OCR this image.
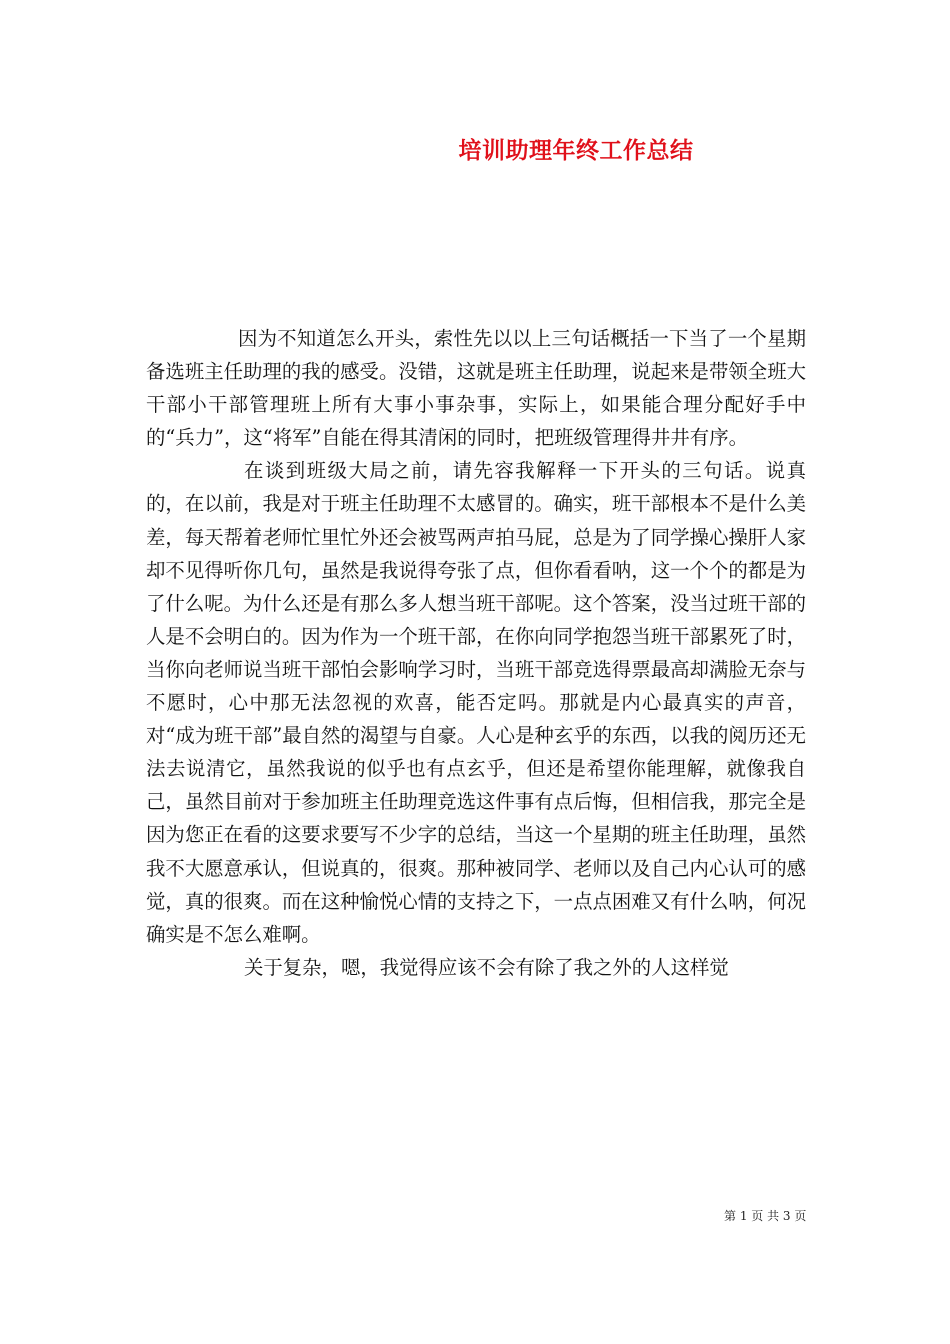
培训助理年终工作总结

因为不知道怎么开头，索性先以以上三句话概括一下当了一个星期备选班主任助理的我的感受。没错，这就是班主任助理，说起来是带领全班大干部小干部管理班上所有大事小事杂事，实际上，如果能合理分配好手中的“兵力”，这“将军”自能在得其清闲的同时，把班级管理得井井有序。

在谈到班级大局之前，请先容我解释一下开头的三句话。说真的，在以前，我是对于班主任助理不太感冒的。确实，班干部根本不是什么美差，每天帮着老师忙里忙外还会被骂两声拍马屁，总是为了同学操心操肝人家却不见得听你几句，虽然是我说得夸张了点，但你看看呐，这一个个的都是为了什么呢。为什么还是有那么多人想当班干部呢。这个答案，没当过班干部的人是不会明白的。因为作为一个班干部，在你向同学抱怨当班干部累死了时，当你向老师说当班干部怕会影响学习时，当班干部竞选得票最高却满脸无奈与不愿时，心中那无法忽视的欢喜，能否定吗。那就是内心最真实的声音，对“成为班干部”最自然的渴望与自豪。人心是种玄乎的东西，以我的阅历还无法去说清它，虽然我说的似乎也有点玄乎，但还是希望你能理解，就像我自己，虽然目前对于参加班主任助理竞选这件事有点后悔，但相信我，那完全是因为您正在看的这要求要写不少字的总结，当这一个星期的班主任助理，虽然我不大愿意承认，但说真的，很爽。那种被同学、老师以及自己内心认可的感觉，真的很爽。而在这种愉悦心情的支持之下，一点点困难又有什么呐，何况确实是不怎么难啊。

关于复杂，嗯，我觉得应该不会有除了我之外的人这样觉

第 1 页 共 3 页
